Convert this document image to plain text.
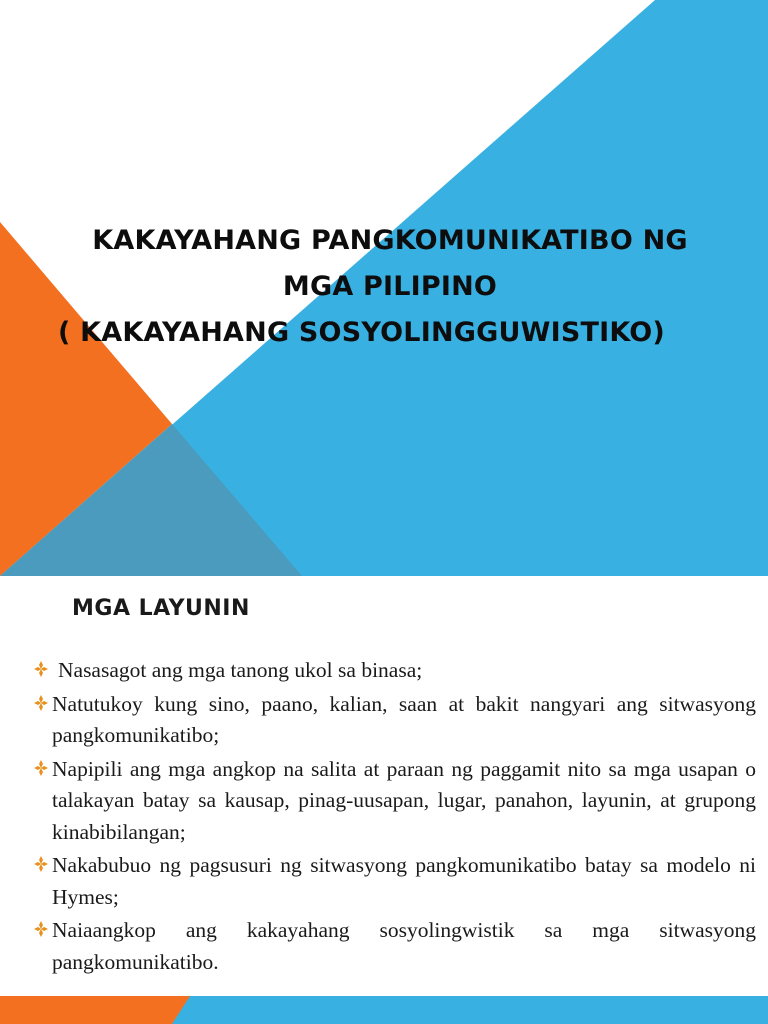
KAKAYAHANG PANGKOMUNIKATIBO NG
MGA PILIPINO
( KAKAYAHANG SOSYOLINGGUWISTIKO)
MGA LAYUNIN
Nasasagot ang mga tanong ukol sa binasa;
Natutukoy kung sino, paano, kalian, saan at bakit nangyari ang sitwasyong pangkomunikatibo;
Napipili ang mga angkop na salita at paraan ng paggamit nito sa mga usapan o talakayan batay sa kausap, pinag-uusapan, lugar, panahon, layunin, at grupong kinabibilangan;
Nakabubuo ng pagsusuri ng sitwasyong pangkomunikatibo batay sa modelo ni Hymes;
Naiaangkop ang kakayahang sosyolingwistik sa mga sitwasyong pangkomunikatibo.
